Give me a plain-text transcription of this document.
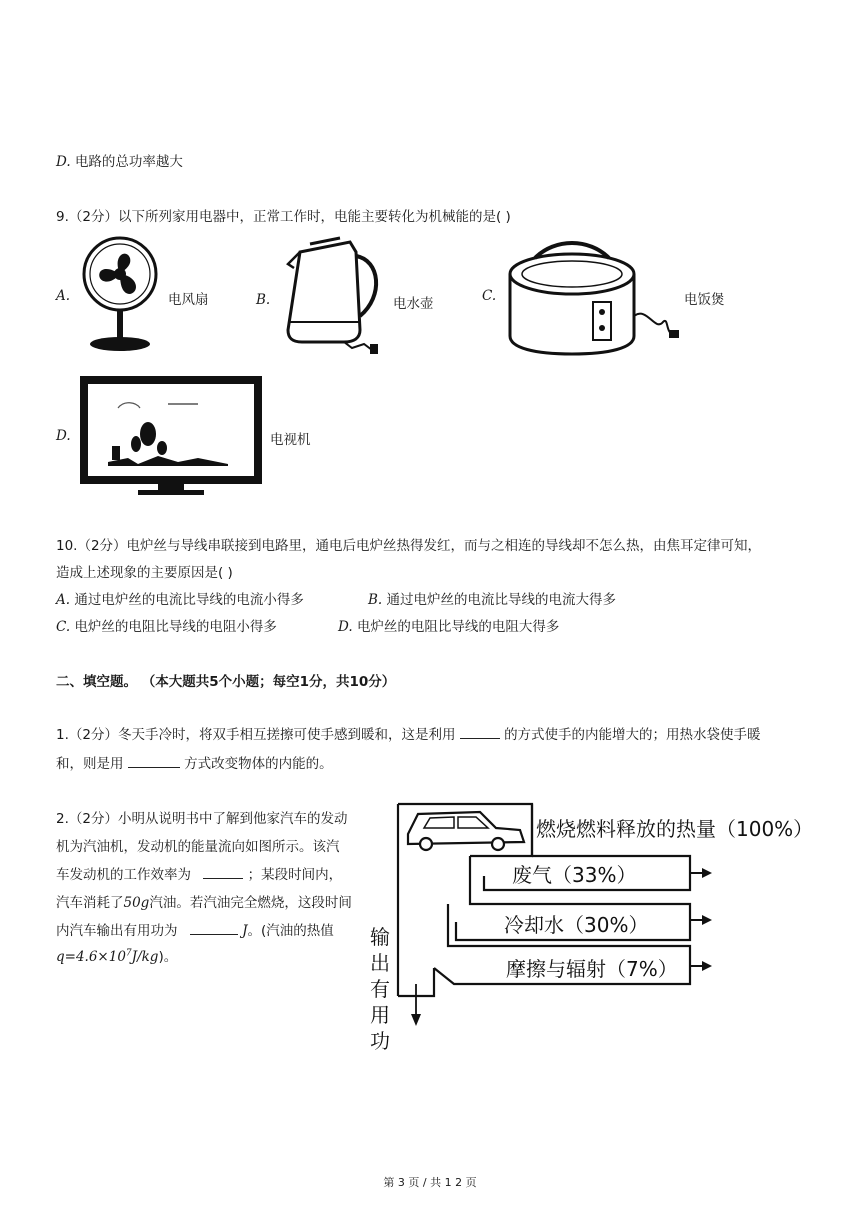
D. 电路的总功率越大
9.（2分）以下所列家用电器中，正常工作时，电能主要转化为机械能的是( )
A.	电风扇	B.	电水壶	C.	电饭煲
D.	电视机
10.（2分）电炉丝与导线串联接到电路里，通电后电炉丝热得发红，而与之相连的导线却不怎么热，由焦耳定律可知，
造成上述现象的主要原因是( )
A. 通过电炉丝的电流比导线的电流小得多	B. 通过电炉丝的电流比导线的电流大得多
C. 电炉丝的电阻比导线的电阻小得多	D. 电炉丝的电阻比导线的电阻大得多
二、填空题。 （本大题共5个小题；每空1分，共10分）
1.（2分）冬天手冷时，将双手相互搓擦可使手感到暖和，这是利用	的方式使手的内能增大的；用热水袋使手暖
和，则是用	方式改变物体的内能的。
2.（2分）小明从说明书中了解到他家汽车的发动
机为汽油机，发动机的能量流向如图所示。该汽
车发动机的工作效率为	；某段时间内，
汽车消耗了50g汽油。若汽油完全燃烧，这段时间
内汽车输出有用功为	J。(汽油的热值
$q=4.6\times 10^7J/kg$)。
燃烧燃料释放的热量（100%）
废气（33%）
冷却水（30%）
摩擦与辐射（7%）
输
出
有
用
功
第 3 页 / 共 1 2 页
